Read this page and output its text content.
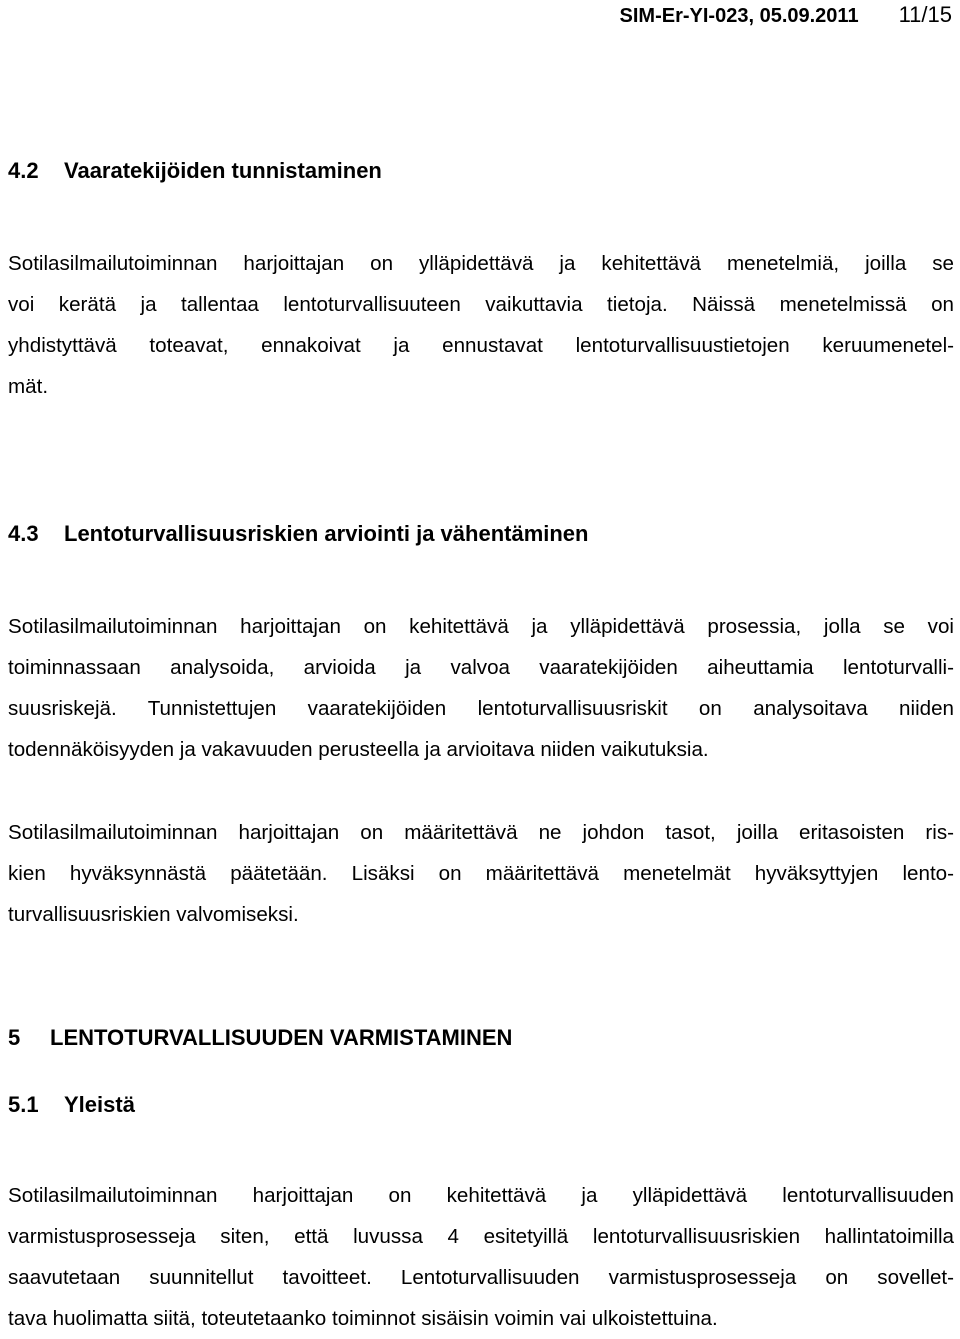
SIM-Er-YI-023, 05.09.2011 11/15
4.2 Vaaratekijöiden tunnistaminen
Sotilasilmailutoiminnan harjoittajan on ylläpidettävä ja kehitettävä menetelmiä, joilla se
voi kerätä ja tallentaa lentoturvallisuuteen vaikuttavia tietoja. Näissä menetelmissä on
yhdistyttävä toteavat, ennakoivat ja ennustavat lentoturvallisuustietojen keruumenetel-
mät.
4.3 Lentoturvallisuusriskien arviointi ja vähentäminen
Sotilasilmailutoiminnan harjoittajan on kehitettävä ja ylläpidettävä prosessia, jolla se voi
toiminnassaan analysoida, arvioida ja valvoa vaaratekijöiden aiheuttamia lentoturvalli-
suusriskejä. Tunnistettujen vaaratekijöiden lentoturvallisuusriskit on analysoitava niiden
todennäköisyyden ja vakavuuden perusteella ja arvioitava niiden vaikutuksia.
Sotilasilmailutoiminnan harjoittajan on määritettävä ne johdon tasot, joilla eritasoisten ris-
kien hyväksynnästä päätetään. Lisäksi on määritettävä menetelmät hyväksyttyjen lento-
turvallisuusriskien valvomiseksi.
5 LENTOTURVALLISUUDEN VARMISTAMINEN
5.1 Yleistä
Sotilasilmailutoiminnan harjoittajan on kehitettävä ja ylläpidettävä lentoturvallisuuden
varmistusprosesseja siten, että luvussa 4 esitetyillä lentoturvallisuusriskien hallintatoimilla
saavutetaan suunnitellut tavoitteet. Lentoturvallisuuden varmistusprosesseja on sovellet-
tava huolimatta siitä, toteutetaanko toiminnot sisäisin voimin vai ulkoistettuina.
